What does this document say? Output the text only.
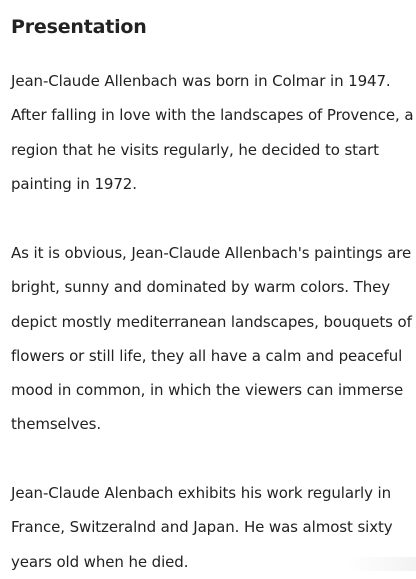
Presentation

Jean-Claude Allenbach was born in Colmar in 1947.
After falling in love with the landscapes of Provence, a
region that he visits regularly, he decided to start
painting in 1972.

As it is obvious, Jean-Claude Allenbach's paintings are
bright, sunny and dominated by warm colors. They
depict mostly mediterranean landscapes, bouquets of
flowers or still life, they all have a calm and peaceful
mood in common, in which the viewers can immerse
themselves.

Jean-Claude Alenbach exhibits his work regularly in
France, Switzeralnd and Japan. He was almost sixty
years old when he died.
